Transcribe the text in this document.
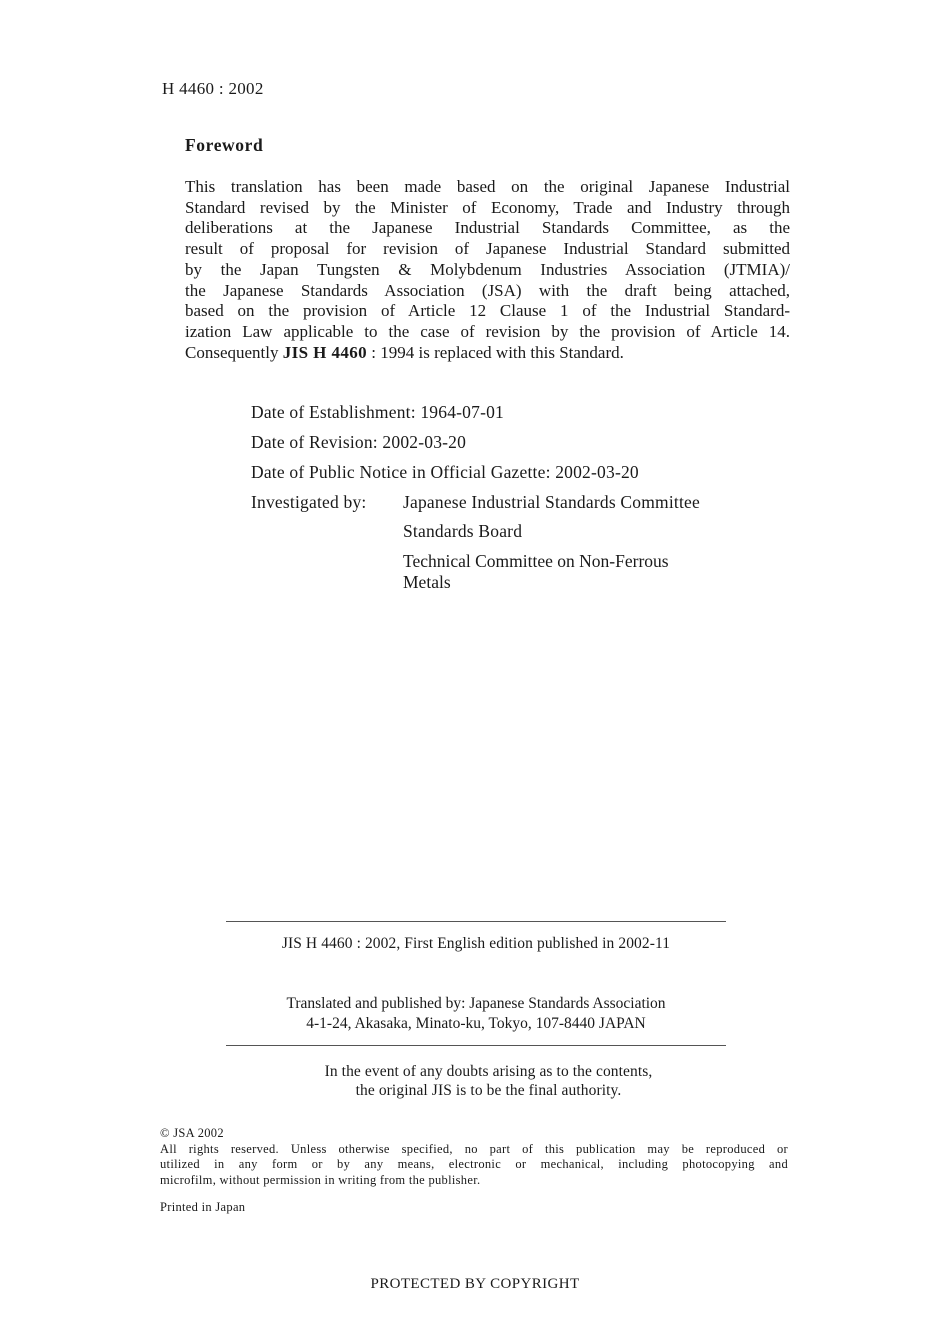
H 4460 : 2002
Foreword
This translation has been made based on the original Japanese Industrial
Standard revised by the Minister of Economy, Trade and Industry through
deliberations at the Japanese Industrial Standards Committee, as the
result of proposal for revision of Japanese Industrial Standard submitted
by the Japan Tungsten & Molybdenum Industries Association (JTMIA)/
the Japanese Standards Association (JSA) with the draft being attached,
based on the provision of Article 12 Clause 1 of the Industrial Standard-
ization Law applicable to the case of revision by the provision of Article 14.
Consequently JIS H 4460 : 1994 is replaced with this Standard.
Date of Establishment: 1964-07-01
Date of Revision: 2002-03-20
Date of Public Notice in Official Gazette: 2002-03-20
Investigated by: Japanese Industrial Standards Committee
Standards Board
Technical Committee on Non-Ferrous
Metals
JIS H 4460 : 2002, First English edition published in 2002-11
Translated and published by: Japanese Standards Association
4-1-24, Akasaka, Minato-ku, Tokyo, 107-8440 JAPAN
In the event of any doubts arising as to the contents,
the original JIS is to be the final authority.
© JSA 2002
All rights reserved. Unless otherwise specified, no part of this publication may be reproduced or
utilized in any form or by any means, electronic or mechanical, including photocopying and
microfilm, without permission in writing from the publisher.
Printed in Japan
PROTECTED BY COPYRIGHT
